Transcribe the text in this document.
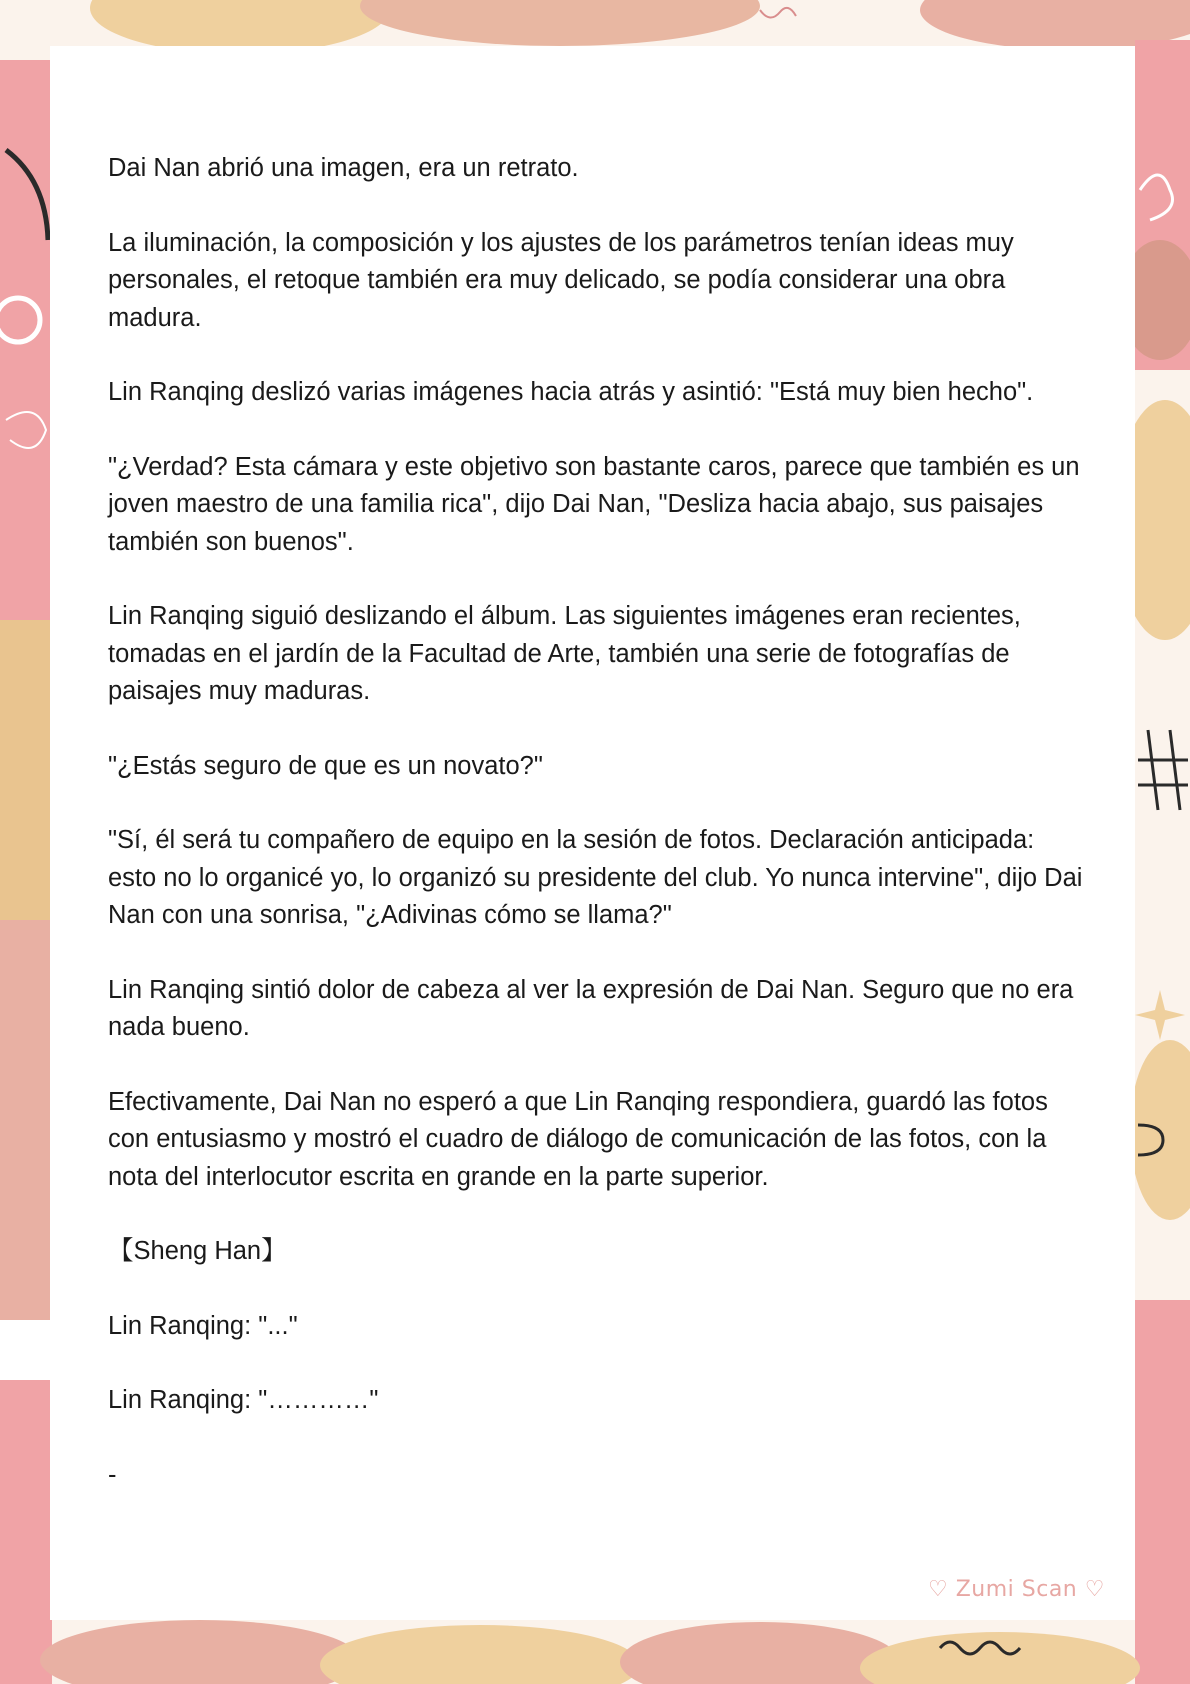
Dai Nan abrió una imagen, era un retrato.

La iluminación, la composición y los ajustes de los parámetros tenían ideas muy personales, el retoque también era muy delicado, se podía considerar una obra madura.

Lin Ranqing deslizó varias imágenes hacia atrás y asintió: "Está muy bien hecho".

"¿Verdad? Esta cámara y este objetivo son bastante caros, parece que también es un joven maestro de una familia rica", dijo Dai Nan, "Desliza hacia abajo, sus paisajes también son buenos".

Lin Ranqing siguió deslizando el álbum. Las siguientes imágenes eran recientes, tomadas en el jardín de la Facultad de Arte, también una serie de fotografías de paisajes muy maduras.

"¿Estás seguro de que es un novato?"

"Sí, él será tu compañero de equipo en la sesión de fotos. Declaración anticipada: esto no lo organicé yo, lo organizó su presidente del club. Yo nunca intervine", dijo Dai Nan con una sonrisa, "¿Adivinas cómo se llama?"

Lin Ranqing sintió dolor de cabeza al ver la expresión de Dai Nan. Seguro que no era nada bueno.

Efectivamente, Dai Nan no esperó a que Lin Ranqing respondiera, guardó las fotos con entusiasmo y mostró el cuadro de diálogo de comunicación de las fotos, con la nota del interlocutor escrita en grande en la parte superior.

【Sheng Han】

Lin Ranqing: "..."

Lin Ranqing: "…………"

-

♡ Zumi Scan ♡
